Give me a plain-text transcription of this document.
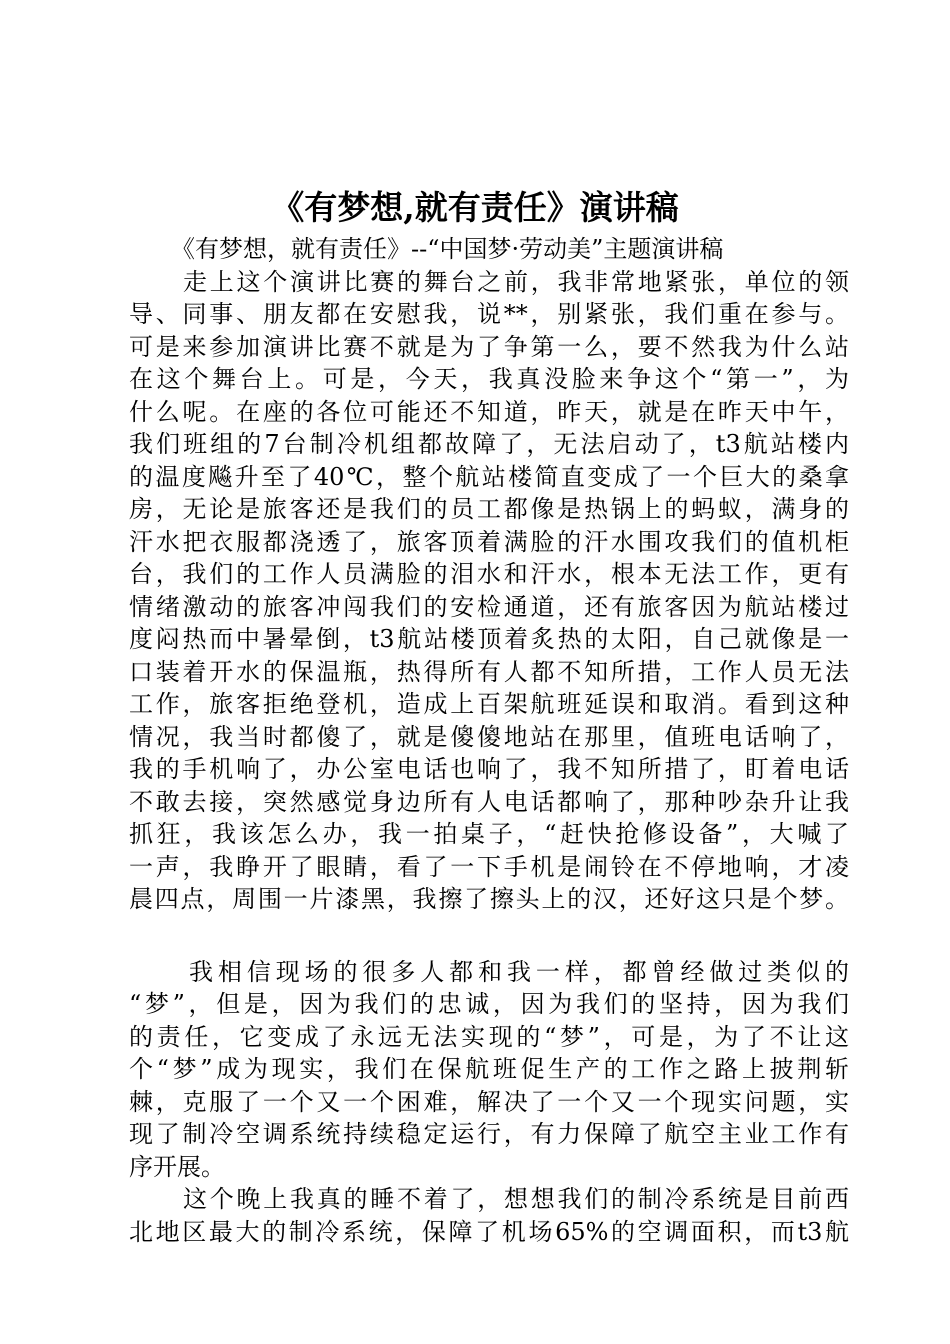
《有梦想,就有责任》演讲稿
《有梦想，就有责任》--“中国梦·劳动美”主题演讲稿
走上这个演讲比赛的舞台之前，我非常地紧张，单位的领
导、同事、朋友都在安慰我，说**，别紧张，我们重在参与。
可是来参加演讲比赛不就是为了争第一么，要不然我为什么站
在这个舞台上。可是，今天，我真没脸来争这个“第一”，为
什么呢。在座的各位可能还不知道，昨天，就是在昨天中午，
我们班组的7台制冷机组都故障了，无法启动了，t3航站楼内
的温度飚升至了40℃，整个航站楼简直变成了一个巨大的桑拿
房，无论是旅客还是我们的员工都像是热锅上的蚂蚁，满身的
汗水把衣服都浇透了，旅客顶着满脸的汗水围攻我们的值机柜
台，我们的工作人员满脸的泪水和汗水，根本无法工作，更有
情绪激动的旅客冲闯我们的安检通道，还有旅客因为航站楼过
度闷热而中暑晕倒，t3航站楼顶着炙热的太阳，自己就像是一
口装着开水的保温瓶，热得所有人都不知所措，工作人员无法
工作，旅客拒绝登机，造成上百架航班延误和取消。看到这种
情况，我当时都傻了，就是傻傻地站在那里，值班电话响了，
我的手机响了，办公室电话也响了，我不知所措了，盯着电话
不敢去接，突然感觉身边所有人电话都响了，那种吵杂升让我
抓狂，我该怎么办，我一拍桌子，“赶快抢修设备”，大喊了
一声，我睁开了眼睛，看了一下手机是闹铃在不停地响，才凌
晨四点，周围一片漆黑，我擦了擦头上的汉，还好这只是个梦。
我相信现场的很多人都和我一样，都曾经做过类似的
“梦”，但是，因为我们的忠诚，因为我们的坚持，因为我们
的责任，它变成了永远无法实现的“梦”，可是，为了不让这
个“梦”成为现实，我们在保航班促生产的工作之路上披荆斩
棘，克服了一个又一个困难，解决了一个又一个现实问题，实
现了制冷空调系统持续稳定运行，有力保障了航空主业工作有
序开展。
这个晚上我真的睡不着了，想想我们的制冷系统是目前西
北地区最大的制冷系统，保障了机场65%的空调面积，而t3航
